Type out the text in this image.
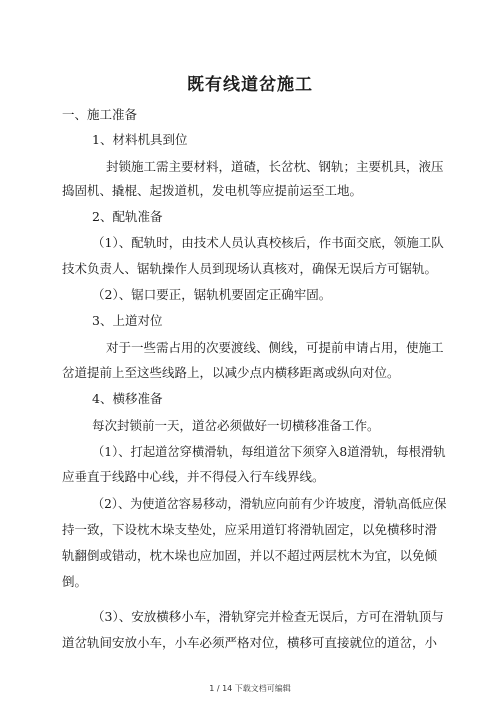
既有线道岔施工
一、施工准备
1、材料机具到位
封锁施工需主要材料，道碴，长岔枕、钢轨；主要机具，液压
捣固机、撬棍、起拨道机，发电机等应提前运至工地。
2、配轨准备
（1）、配轨时，由技术人员认真校核后，作书面交底，领施工队
技术负责人、锯轨操作人员到现场认真核对，确保无误后方可锯轨。
（2）、锯口要正，锯轨机要固定正确牢固。
3、上道对位
对于一些需占用的次要渡线、侧线，可提前申请占用，使施工
岔道提前上至这些线路上，以减少点内横移距离或纵向对位。
4、横移准备
每次封锁前一天，道岔必须做好一切横移准备工作。
（1）、打起道岔穿横滑轨，每组道岔下须穿入8道滑轨，每根滑轨
应垂直于线路中心线，并不得侵入行车线界线。
（2）、为使道岔容易移动，滑轨应向前有少许坡度，滑轨高低应保
持一致，下设枕木垛支垫处，应采用道钉将滑轨固定，以免横移时滑
轨翻倒或错动，枕木垛也应加固，并以不超过两层枕木为宜，以免倾
倒。
（3）、安放横移小车，滑轨穿完并检查无误后，方可在滑轨顶与
道岔轨间安放小车，小车必须严格对位，横移可直接就位的道岔，小
1 / 14 下载文档可编辑
